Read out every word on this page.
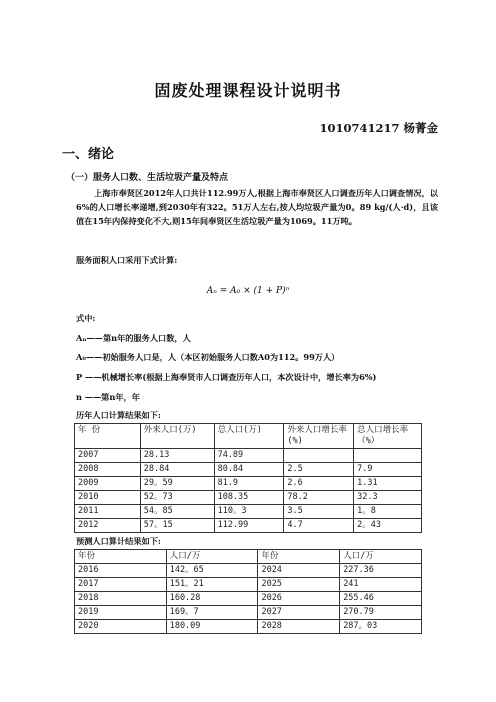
固废处理课程设计说明书
1010741217 杨菁金
一、绪论
（一）服务人口数、生活垃圾产量及特点
上海市奉贤区2012年人口共计112.99万人,根据上海市奉贤区人口调查历年人口调查情况，以6%的人口增长率递增,到2030年有322。51万人左右,按人均垃圾产量为0。89 kg/(人·d)，且该值在15年内保持变化不大,则15年间奉贤区生活垃圾产量为1069。11万吨。
服务面积人口采用下式计算:
Aₙ = A₀ × (1 + P)ⁿ
式中:
Aₙ——第n年的服务人口数，人
A₀——初始服务人口是，人（本区初始服务人口数A0为112。99万人）
P ——机械增长率(根据上海奉贤市人口调查历年人口，本次设计中，增长率为6%)
n ——第n年，年
历年人口计算结果如下:
年 份	外来人口(万)	总人口(万)	外来人口增长率(%)	总人口增长率（%）
2007	28.13	74.89		
2008	28.84	80.84	2.5	7.9
2009	29。59	81.9	2.6	1.31
2010	52。73	108.35	78.2	32.3
2011	54。85	110。3	3.5	1。8
2012	57。15	112.99	4.7	2。43
预测人口算计结果如下:
年份	人口/万	年份	人口/万
2016	142。65	2024	227.36
2017	151。21	2025	241
2018	160.28	2026	255.46
2019	169。7	2027	270.79
2020	180.09	2028	287。03
